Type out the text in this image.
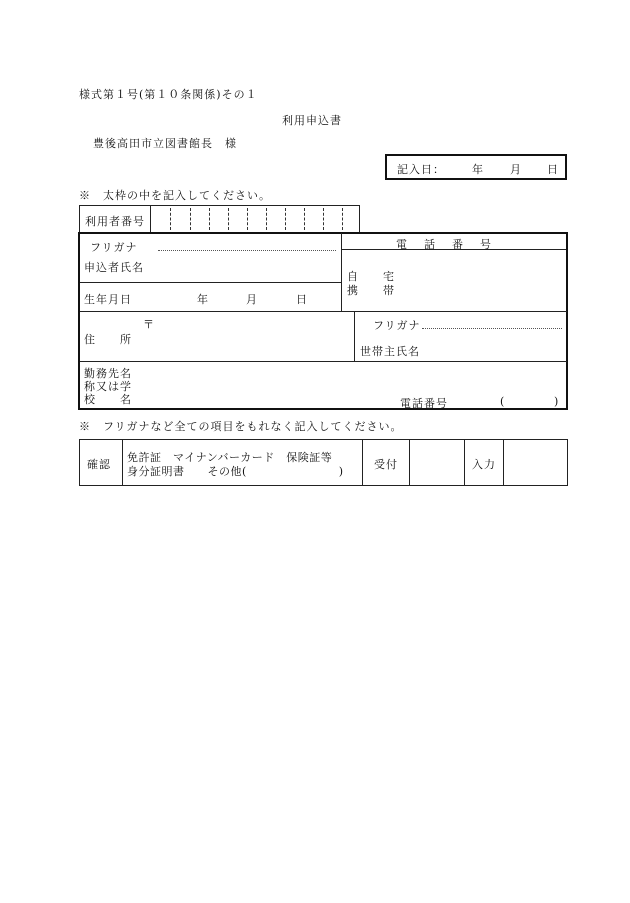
様式第１号(第１０条関係)その１
利用申込書
豊後高田市立図書館長　様
記入日： 年 月 日
※　太枠の中を記入してください。
利用者番号
フリガナ
申込者氏名
生年月日	年	月	日
電　話　番　号
自　　宅
携　　帯
〒
住　　所
フリガナ
世帯主氏名
勤務先名
称又は学
校　　名	電話番号	(	)
※　フリガナなど全ての項目をもれなく記入してください。
確認
免許証　マイナンバーカード　保険証等
身分証明書　　その他(　　　　　　　　)
受付	入力
